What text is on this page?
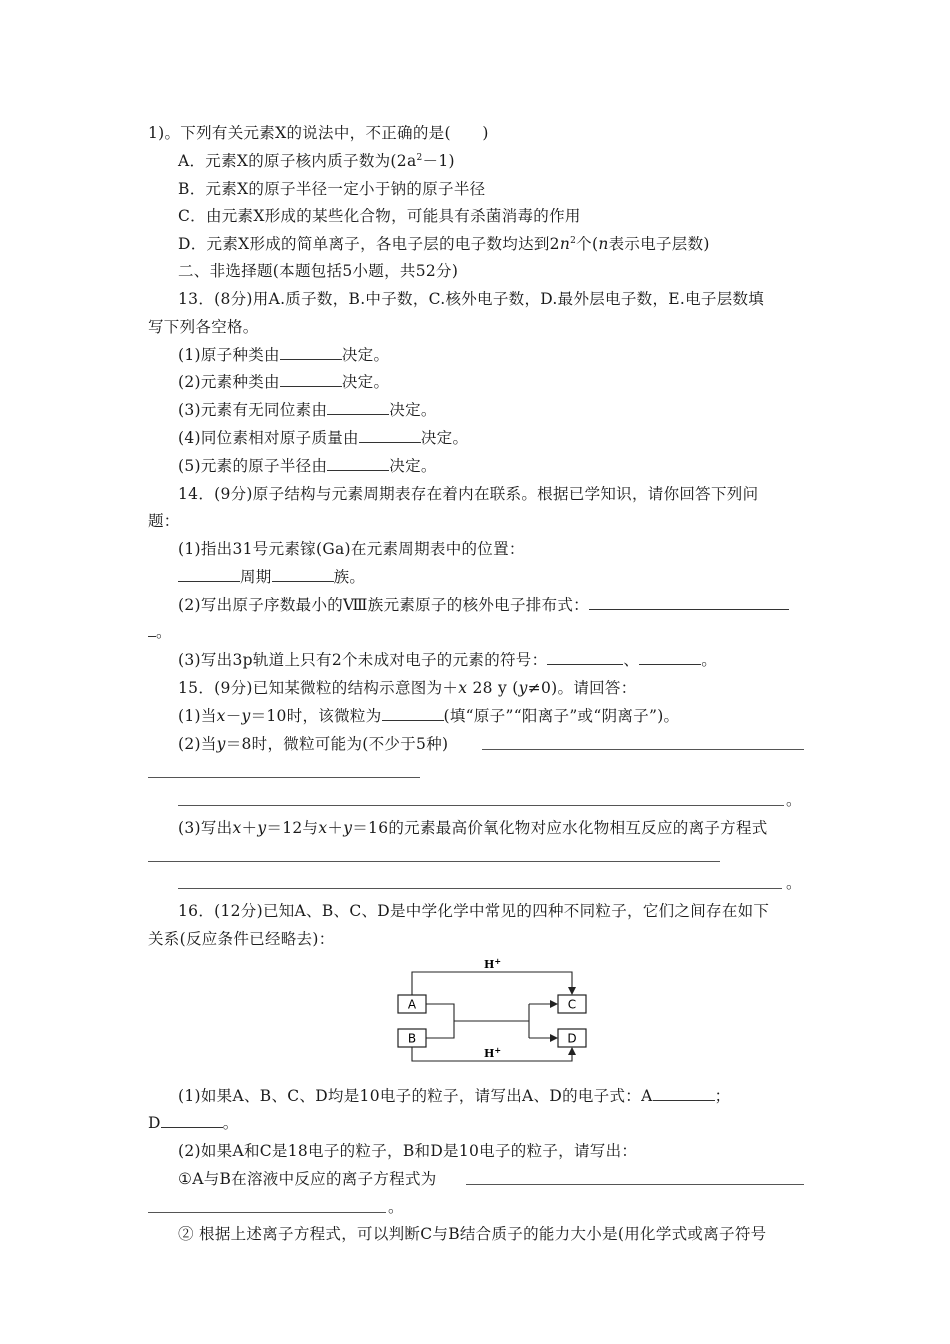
1)。下列有关元素X的说法中，不正确的是(　　)
A．元素X的原子核内质子数为$(2a^2-1)$
B．元素X的原子半径一定小于钠的原子半径
C．由元素X形成的某些化合物，可能具有杀菌消毒的作用
D．元素X形成的简单离子，各电子层的电子数均达到$2n^2$个(n表示电子层数)
二、非选择题(本题包括5小题，共52分)
13．(8分)用A.质子数，B.中子数，C.核外电子数，D.最外层电子数，E.电子层数填
写下列各空格。
(1)原子种类由	决定。
(2)元素种类由	决定。
(3)元素有无同位素由	决定。
(4)同位素相对原子质量由	决定。
(5)元素的原子半径由	决定。
14．(9分)原子结构与元素周期表存在着内在联系。根据已学知识，请你回答下列问
题：
(1)指出31号元素镓(Ga)在元素周期表中的位置：
周期	族。
(2)写出原子序数最小的Ⅷ族元素原子的核外电子排布式：
。
(3)写出3p轨道上只有2个未成对电子的元素的符号：	、	。
15．(9分)已知某微粒的结构示意图为＋x 28 y (y≠0)。请回答：
(1)当x－y＝10时，该微粒为	(填“原子”“阳离子”或“阴离子”)。
(2)当y＝8时，微粒可能为(不少于5种)
。
(3)写出x＋y＝12与x＋y＝16的元素最高价氧化物对应水化物相互反应的离子方程式
。
16．(12分)已知A、B、C、D是中学化学中常见的四种不同粒子，它们之间存在如下
关系(反应条件已经略去)：
A
B
C
D
H+
H+
(1)如果A、B、C、D均是10电子的粒子，请写出A、D的电子式：A	；
D	。
(2)如果A和C是18电子的粒子，B和D是10电子的粒子，请写出：
①A与B在溶液中反应的离子方程式为
。
② 根据上述离子方程式，可以判断C与B结合质子的能力大小是(用化学式或离子符号
